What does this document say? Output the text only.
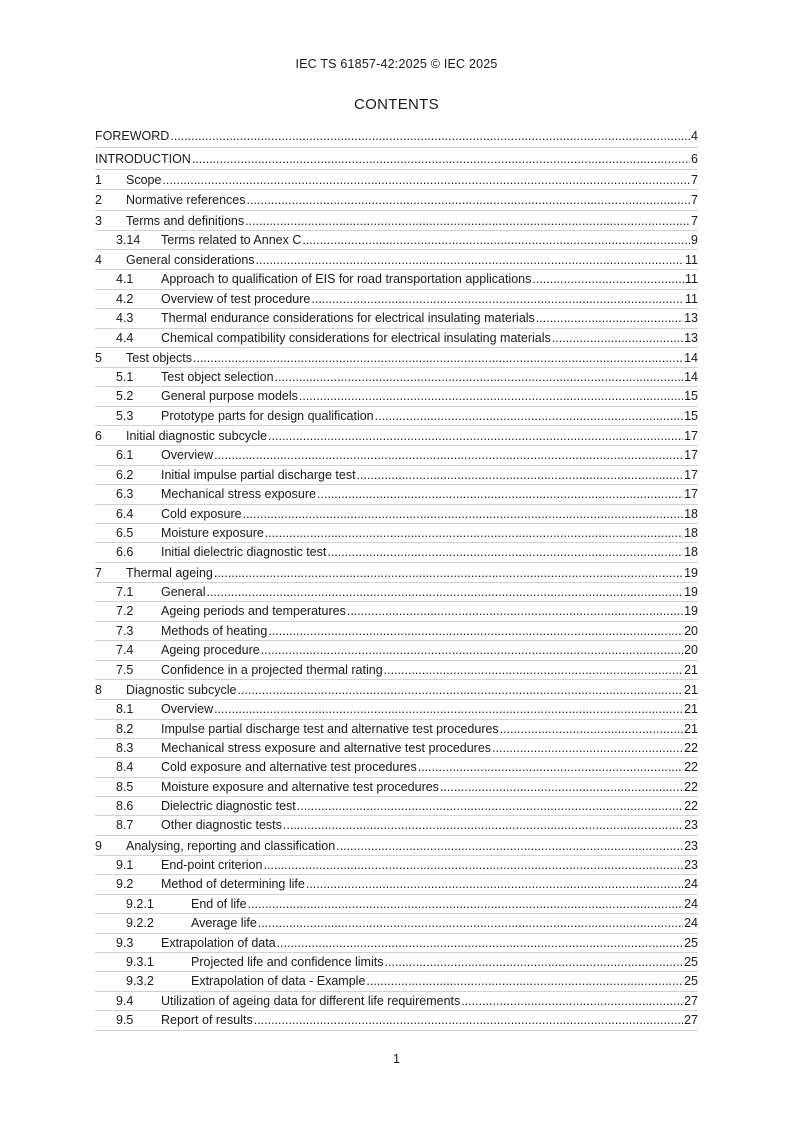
IEC TS 61857-42:2025 © IEC 2025
CONTENTS
FOREWORD .....	4
INTRODUCTION .....	6
1 Scope .....	7
2 Normative references .....	7
3 Terms and definitions .....	7
3.14 Terms related to Annex C .....	9
4 General considerations .....	11
4.1 Approach to qualification of EIS for road transportation applications .....	11
4.2 Overview of test procedure .....	11
4.3 Thermal endurance considerations for electrical insulating materials .....	13
4.4 Chemical compatibility considerations for electrical insulating materials .....	13
5 Test objects .....	14
5.1 Test object selection .....	14
5.2 General purpose models .....	15
5.3 Prototype parts for design qualification .....	15
6 Initial diagnostic subcycle .....	17
6.1 Overview .....	17
6.2 Initial impulse partial discharge test .....	17
6.3 Mechanical stress exposure .....	17
6.4 Cold exposure .....	18
6.5 Moisture exposure .....	18
6.6 Initial dielectric diagnostic test .....	18
7 Thermal ageing .....	19
7.1 General .....	19
7.2 Ageing periods and temperatures .....	19
7.3 Methods of heating .....	20
7.4 Ageing procedure .....	20
7.5 Confidence in a projected thermal rating .....	21
8 Diagnostic subcycle .....	21
8.1 Overview .....	21
8.2 Impulse partial discharge test and alternative test procedures .....	21
8.3 Mechanical stress exposure and alternative test procedures .....	22
8.4 Cold exposure and alternative test procedures .....	22
8.5 Moisture exposure and alternative test procedures .....	22
8.6 Dielectric diagnostic test .....	22
8.7 Other diagnostic tests .....	23
9 Analysing, reporting and classification .....	23
9.1 End-point criterion .....	23
9.2 Method of determining life .....	24
9.2.1	End of life .....	24
9.2.2	Average life .....	24
9.3 Extrapolation of data .....	25
9.3.1	Projected life and confidence limits .....	25
9.3.2	Extrapolation of data - Example .....	25
9.4 Utilization of ageing data for different life requirements .....	27
9.5 Report of results .....	27
1
